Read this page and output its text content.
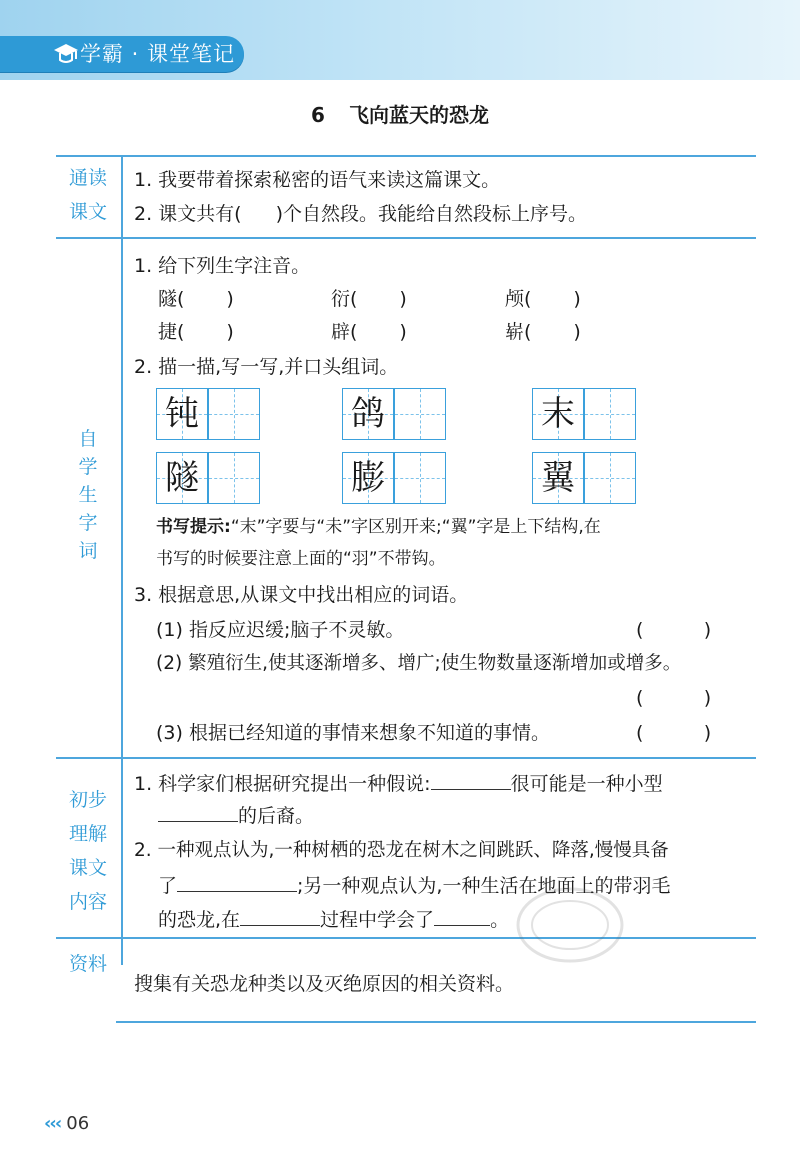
学霸 · 课堂笔记
6 飞向蓝天的恐龙
通读
课文
1. 我要带着探索秘密的语气来读这篇课文。
2. 课文共有( )个自然段。我能给自然段标上序号。
自
学
生
字
词
1. 给下列生字注音。
隧( )	衍( )	颅( )
捷( )	辟( )	崭( )
2. 描一描,写一写,并口头组词。
钝	鸽	末
隧	膨	翼
书写提示:“末”字要与“未”字区别开来;“翼”字是上下结构,在
书写的时候要注意上面的“羽”不带钩。
3. 根据意思,从课文中找出相应的词语。
(1) 指反应迟缓;脑子不灵敏。	(          )
(2) 繁殖衍生,使其逐渐增多、增广;使生物数量逐渐增加或增多。
(          )
(3) 根据已经知道的事情来想象不知道的事情。	(          )
初步
理解
课文
内容
1. 科学家们根据研究提出一种假说:	很可能是一种小型
的后裔。
2. 一种观点认为,一种树栖的恐龙在树木之间跳跃、降落,慢慢具备
了	;另一种观点认为,一种生活在地面上的带羽毛
的恐龙,在	过程中学会了	。
资料
搜集有关恐龙种类以及灭绝原因的相关资料。
‹‹‹ 06
